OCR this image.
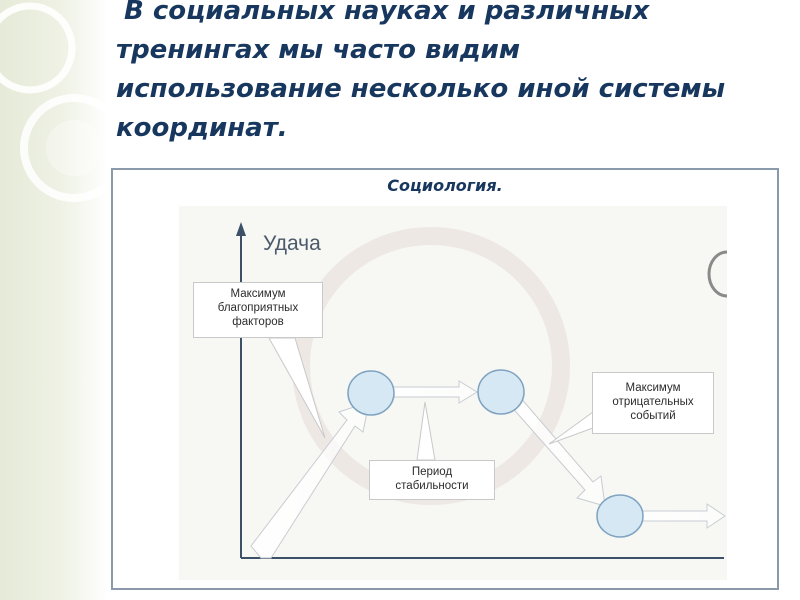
В социальных науках и различных
тренингах мы часто видим
использование несколько иной системы
координат.
Социология.
Удача
Максимум
благоприятных
факторов
Максимум
отрицательных
событий
Период
стабильности
